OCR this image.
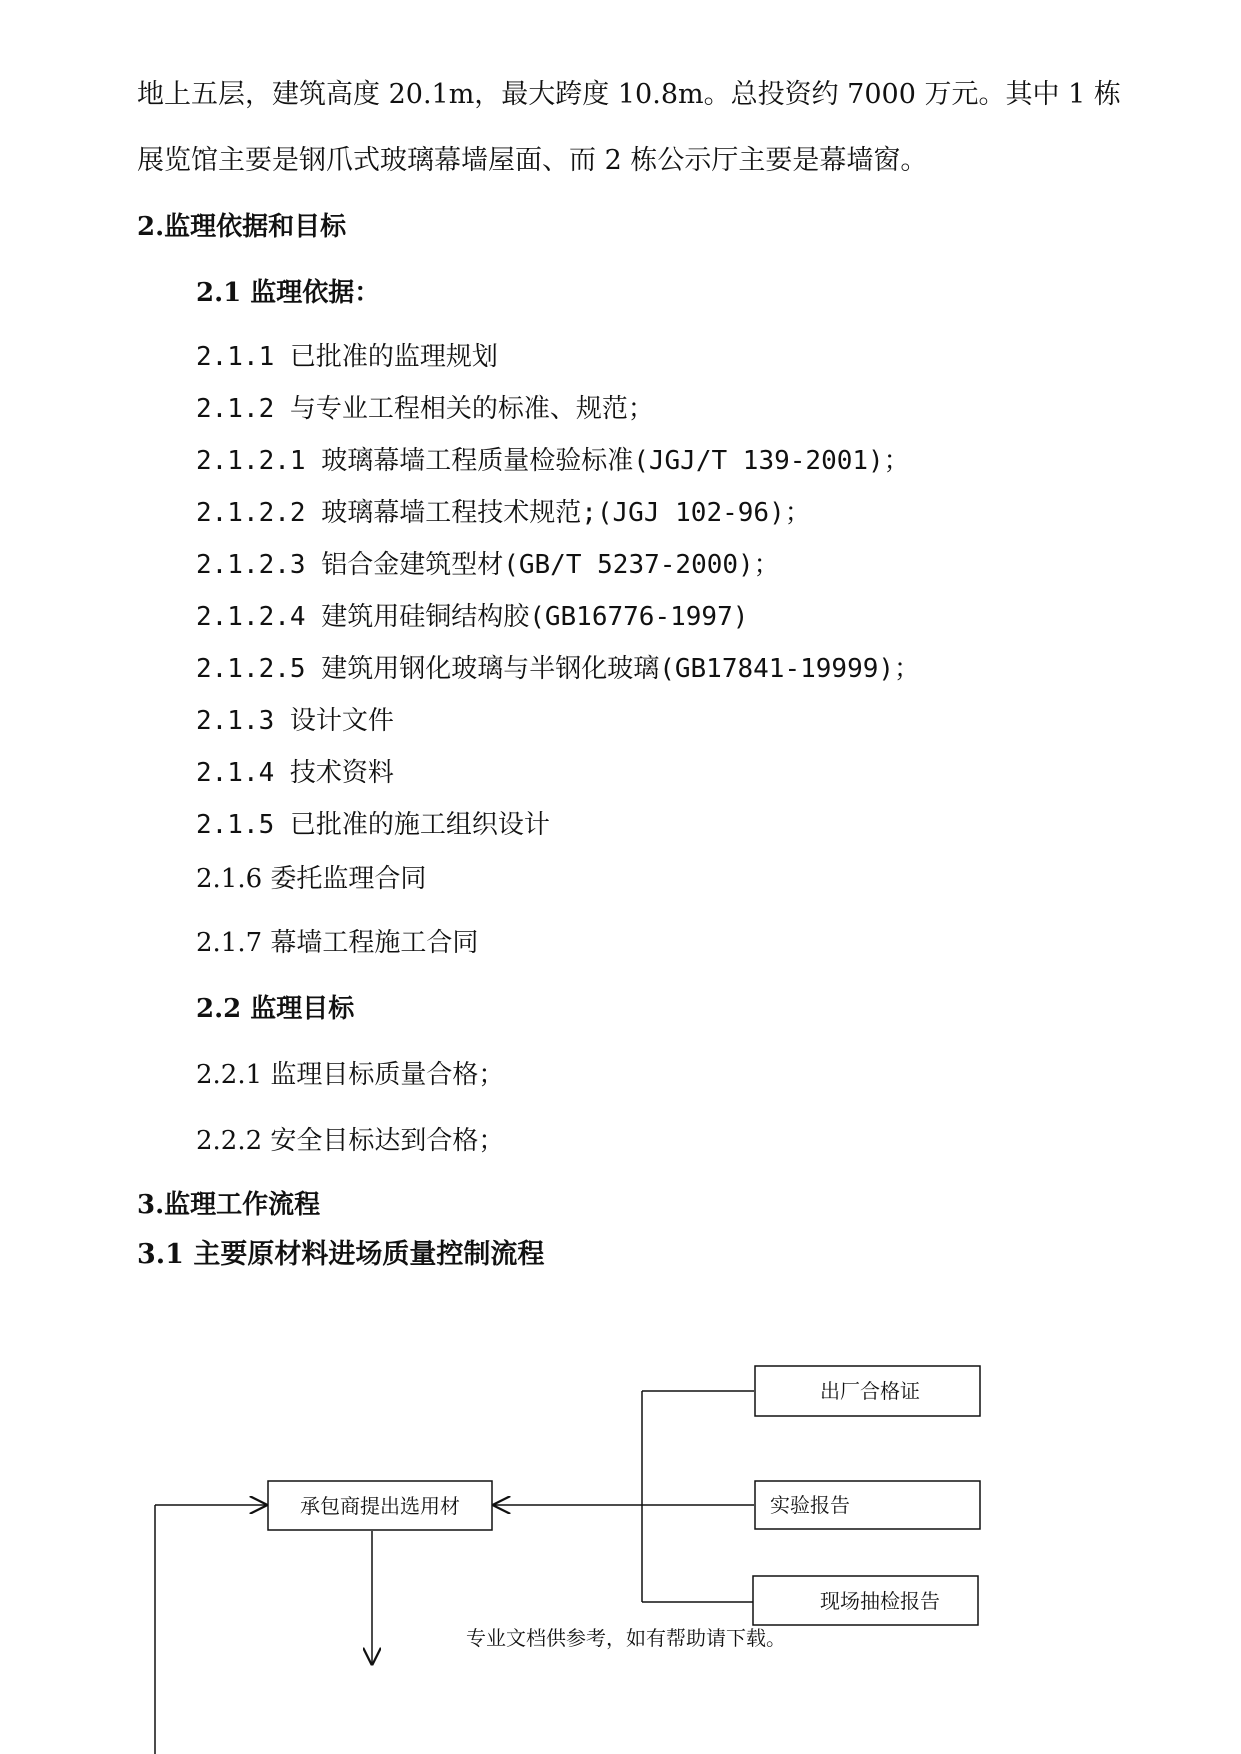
地上五层，建筑高度 20.1m，最大跨度 10.8m。总投资约 7000 万元。其中 1 栋
展览馆主要是钢爪式玻璃幕墙屋面、而 2 栋公示厅主要是幕墙窗。
2.监理依据和目标
2.1 监理依据：
2.1.1 已批准的监理规划
2.1.2 与专业工程相关的标准、规范；
2.1.2.1 玻璃幕墙工程质量检验标准(JGJ/T 139-2001)；
2.1.2.2 玻璃幕墙工程技术规范;(JGJ 102-96)；
2.1.2.3 铝合金建筑型材(GB/T 5237-2000)；
2.1.2.4 建筑用硅铜结构胶(GB16776-1997)
2.1.2.5 建筑用钢化玻璃与半钢化玻璃(GB17841-19999)；
2.1.3 设计文件
2.1.4 技术资料
2.1.5 已批准的施工组织设计
2.1.6 委托监理合同
2.1.7 幕墙工程施工合同
2.2 监理目标
2.2.1 监理目标质量合格；
2.2.2 安全目标达到合格；
3.监理工作流程
3.1 主要原材料进场质量控制流程
承包商提出选用材
出厂合格证
实验报告
现场抽检报告
专业文档供参考，如有帮助请下载。
